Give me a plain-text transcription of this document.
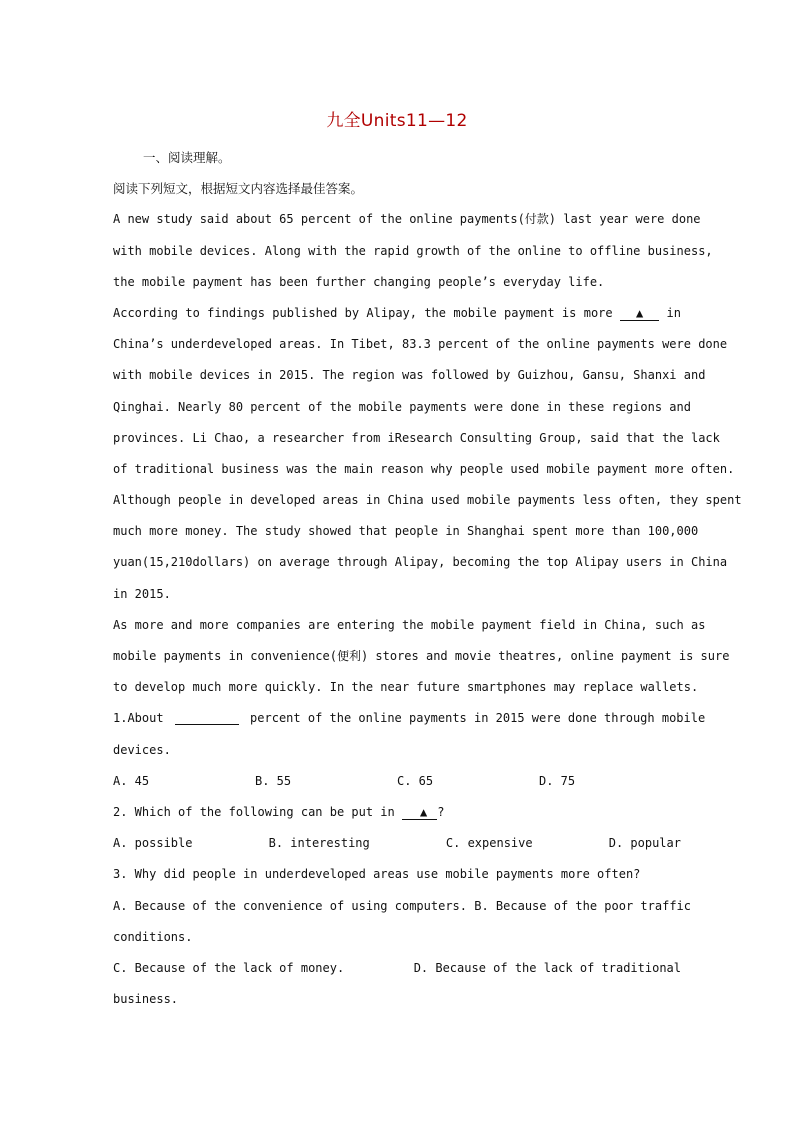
九全Units11—12
一、阅读理解。
阅读下列短文，根据短文内容选择最佳答案。
A new study said about 65 percent of the online payments(付款) last year were done
with mobile devices. Along with the rapid growth of the online to offline business,
the mobile payment has been further changing people’s everyday life.
According to findings published by Alipay, the mobile payment is more ▲ in
China’s underdeveloped areas. In Tibet, 83.3 percent of the online payments were done
with mobile devices in 2015. The region was followed by Guizhou, Gansu, Shanxi and
Qinghai. Nearly 80 percent of the mobile payments were done in these regions and
provinces. Li Chao, a researcher from iResearch Consulting Group, said that the lack
of traditional business was the main reason why people used mobile payment more often.
Although people in developed areas in China used mobile payments less often, they spent
much more money. The study showed that people in Shanghai spent more than 100,000
yuan(15,210dollars) on average through Alipay, becoming the top Alipay users in China
in 2015.
As more and more companies are entering the mobile payment field in China, such as
mobile payments in convenience(便利) stores and movie theatres, online payment is sure
to develop much more quickly. In the near future smartphones may replace wallets.
1.About	percent of the online payments in 2015 were done through mobile
devices.
A. 45	B. 55	C. 65	D. 75
2. Which of the following can be put in ▲ ?
A. possible	B. interesting	C. expensive	D. popular
3. Why did people in underdeveloped areas use mobile payments more often?
A. Because of the convenience of using computers. B. Because of the poor traffic
conditions.
C. Because of the lack of money.	D. Because of the lack of traditional
business.
